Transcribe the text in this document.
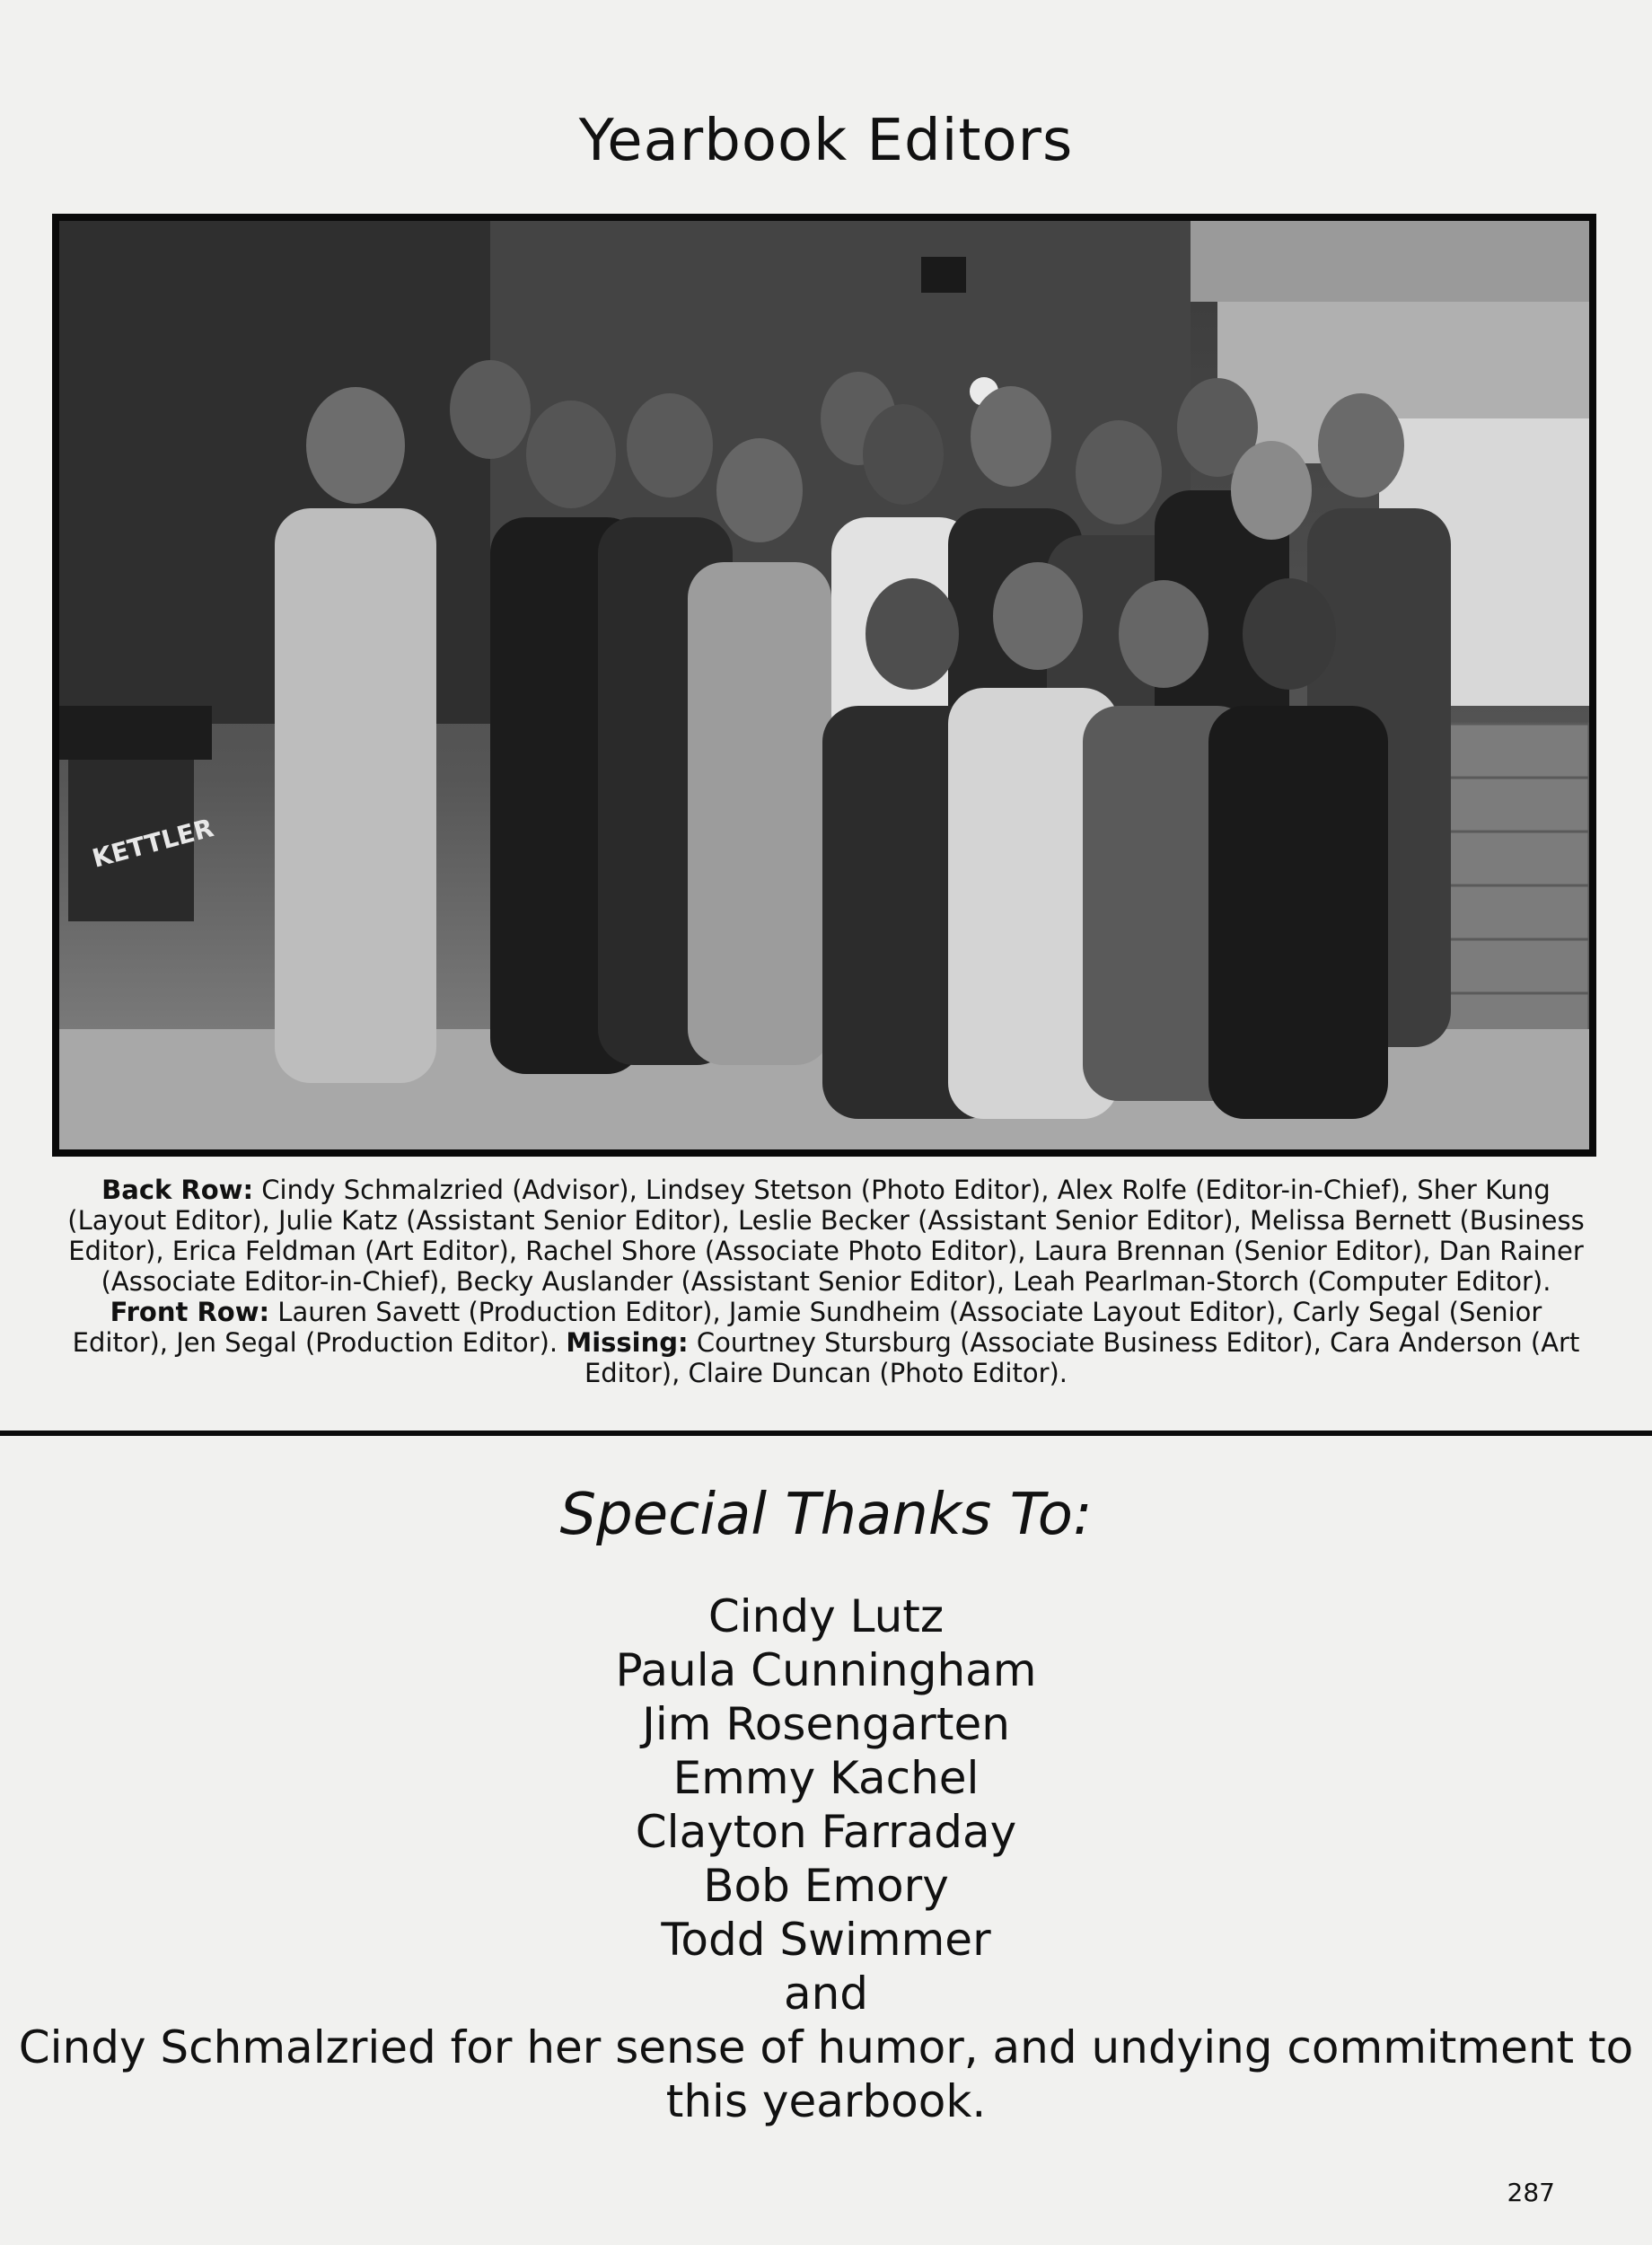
Yearbook Editors
KETTLER
Back Row: Cindy Schmalzried (Advisor), Lindsey Stetson (Photo Editor), Alex Rolfe (Editor-in-Chief), Sher Kung (Layout Editor), Julie Katz (Assistant Senior Editor), Leslie Becker (Assistant Senior Editor), Melissa Bernett (Business Editor), Erica Feldman (Art Editor), Rachel Shore (Associate Photo Editor), Laura Brennan (Senior Editor), Dan Rainer (Associate Editor-in-Chief), Becky Auslander (Assistant Senior Editor), Leah Pearlman-Storch (Computer Editor). Front Row: Lauren Savett (Production Editor), Jamie Sundheim (Associate Layout Editor), Carly Segal (Senior Editor), Jen Segal (Production Editor). Missing: Courtney Stursburg (Associate Business Editor), Cara Anderson (Art Editor), Claire Duncan (Photo Editor).
Special Thanks To:
Cindy Lutz
Paula Cunningham
Jim Rosengarten
Emmy Kachel
Clayton Farraday
Bob Emory
Todd Swimmer
and
Cindy Schmalzried for her sense of humor, and undying commitment to this yearbook.
287
